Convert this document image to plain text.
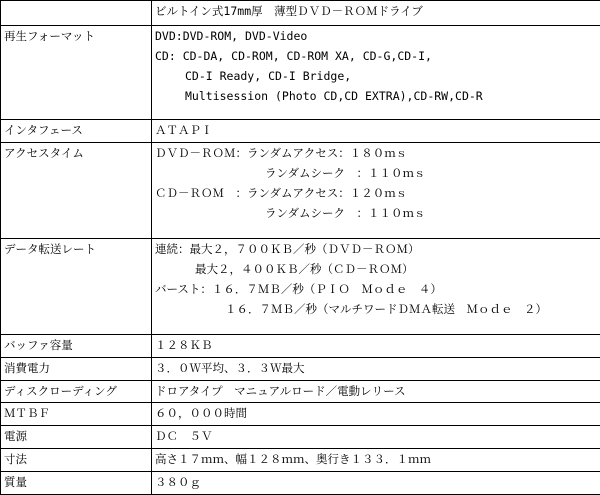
	ビルトイン式17mm厚　薄型ＤＶＤ－ＲＯＭドライブ
再生フォーマット	DVD:DVD-ROM, DVD-Video
CD: CD-DA, CD-ROM, CD-ROM XA, CD-G,CD-I,
CD-I Ready, CD-I Bridge,
Multisession (Photo CD,CD EXTRA),CD-RW,CD-R

インタフェース	ＡＴＡＰＩ
アクセスタイム	ＤＶＤ－ＲＯＭ：ランダムアクセス：１８０ｍｓ
ランダムシーク　：１１０ｍｓ
ＣＤ－ＲＯＭ　：ランダムアクセス：１２０ｍｓ
ランダムシーク　：１１０ｍｓ

データ転送レート	連続：最大２，７００ＫＢ／秒（ＤＶＤ－ＲＯＭ）
最大２，４００ＫＢ／秒（ＣＤ－ＲＯＭ）
バースト：１６．７ＭＢ／秒（ＰＩＯ　Ｍｏｄｅ　４）
１６．７ＭＢ／秒（マルチワードＤＭＡ転送　Ｍｏｄｅ　２）

バッファ容量	１２８ＫＢ
消費電力	３．０Ｗ平均、３．３Ｗ最大
ディスクローディング	ドロアタイプ　マニュアルロード／電動レリース
ＭＴＢＦ	６０，０００時間
電源	ＤＣ　５Ｖ
寸法	高さ１７ｍｍ、幅１２８ｍｍ、奥行き１３３．１ｍｍ
質量	３８０ｇ
